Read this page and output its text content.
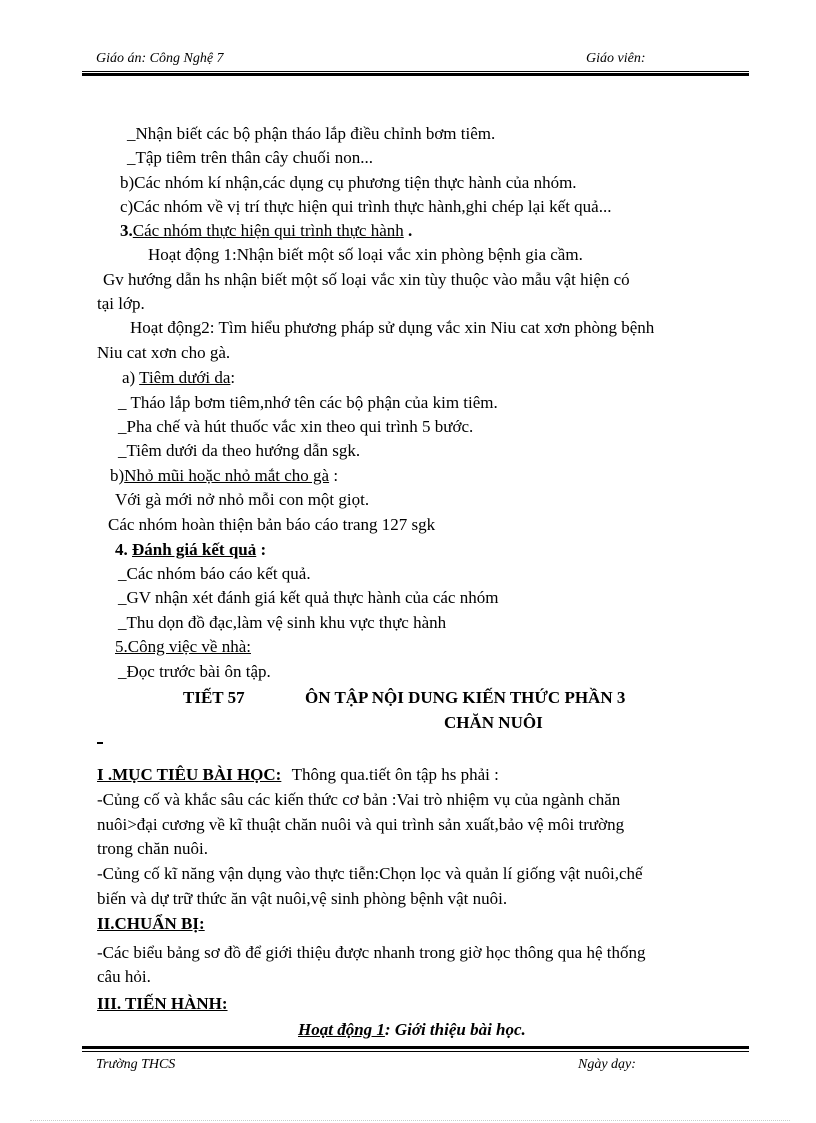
Giáo án: Công Nghệ 7	Giáo viên:
_Nhận biết các bộ phận tháo lắp điều chỉnh bơm tiêm.
_Tập tiêm trên thân cây chuối non...
b)Các nhóm kí nhận,các dụng cụ phương tiện thực hành của nhóm.
c)Các nhóm về vị trí thực hiện qui trình thực hành,ghi chép lại kết quả...
3.Các nhóm thực hiện qui trình thực hành .
Hoạt động 1:Nhận biết một số loại vắc xin phòng bệnh gia cầm.
Gv hướng dẫn hs nhận biết một số loại vắc xin tùy thuộc vào mẫu vật hiện có
tại lớp.
Hoạt động2: Tìm hiểu phương pháp sử dụng vắc xin Niu cat xơn phòng bệnh
Niu cat xơn cho gà.
a) Tiêm dưới da:
_ Tháo lắp bơm tiêm,nhớ tên các bộ phận của kim tiêm.
_Pha chế và hút thuốc vắc xin theo qui trình 5 bước.
_Tiêm dưới da theo hướng dẫn sgk.
b)Nhỏ mũi hoặc nhỏ mắt cho gà :
Với gà mới nở nhỏ mỗi con một giọt.
Các nhóm hoàn thiện bản báo cáo trang 127 sgk
4. Đánh giá kết quả :
_Các nhóm báo cáo kết quả.
_GV nhận xét đánh giá kết quả thực hành của các nhóm
_Thu dọn đồ đạc,làm vệ sinh khu vực thực hành
5.Công việc về nhà:
_Đọc trước bài ôn tập.
TIẾT 57	ÔN TẬP NỘI DUNG KIẾN THỨC PHẦN 3
CHĂN NUÔI
I .MỤC TIÊU BÀI HỌC: Thông qua.tiết ôn tập hs phải :
-Củng cố và khắc sâu các kiến thức cơ bản :Vai trò nhiệm vụ của ngành chăn
nuôi>đại cương về kĩ thuật chăn nuôi và qui trình sản xuất,bảo vệ môi trường
trong chăn nuôi.
-Củng cố kĩ năng vận dụng vào thực tiễn:Chọn lọc và quản lí giống vật nuôi,chế
biến và dự trữ thức ăn vật nuôi,vệ sinh phòng bệnh vật nuôi.
II.CHUẨN BỊ:
-Các biểu bảng sơ đồ để giới thiệu được nhanh trong giờ học thông qua hệ thống
câu hỏi.
III. TIẾN HÀNH:
Hoạt động 1: Giới thiệu bài học.
Trường THCS	Ngày dạy:
